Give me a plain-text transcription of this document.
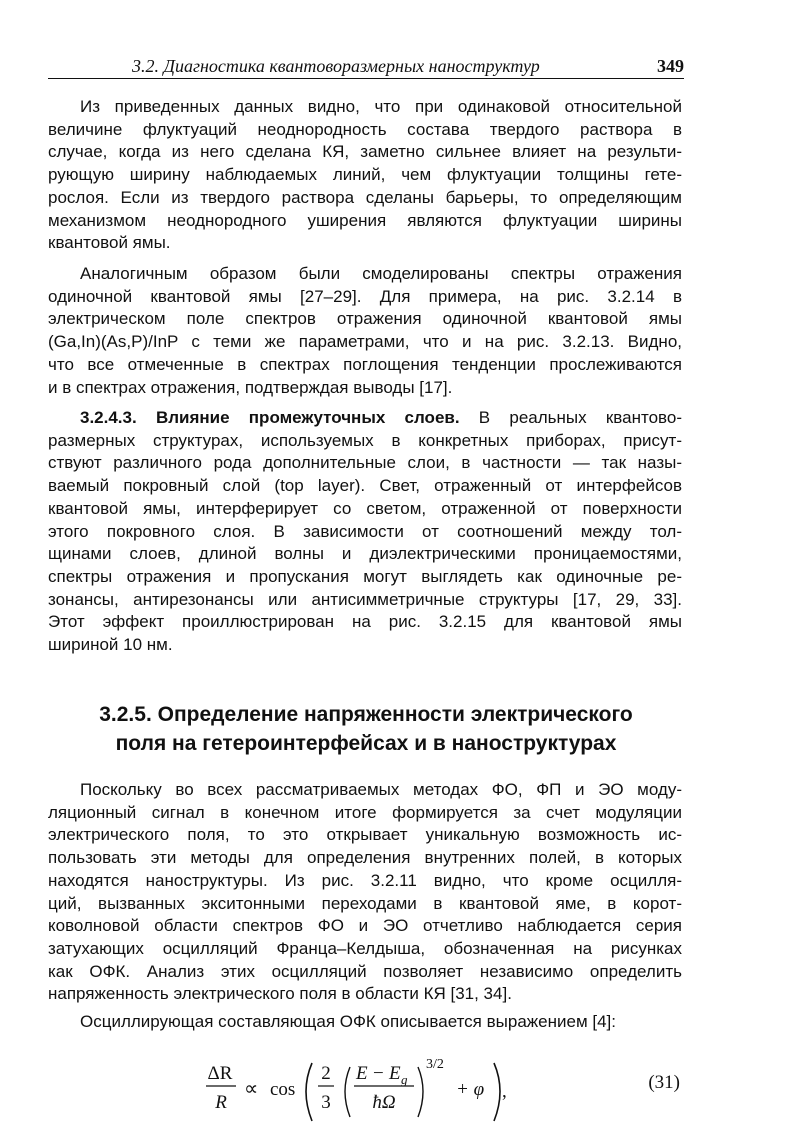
3.2. Диагностика квантоворазмерных наноструктур	349
Из приведенных данных видно, что при одинаковой относительной
величине флуктуаций неоднородность состава твердого раствора в
случае, когда из него сделана КЯ, заметно сильнее влияет на результи-
рующую ширину наблюдаемых линий, чем флуктуации толщины гете-
рослоя. Если из твердого раствора сделаны барьеры, то определяющим
механизмом неоднородного уширения являются флуктуации ширины
квантовой ямы.
Аналогичным образом были смоделированы спектры отражения
одиночной квантовой ямы [27–29]. Для примера, на рис. 3.2.14 в
электрическом поле спектров отражения одиночной квантовой ямы
(Ga,In)(As,P)/InP с теми же параметрами, что и на рис. 3.2.13. Видно,
что все отмеченные в спектрах поглощения тенденции прослеживаются
и в спектрах отражения, подтверждая выводы [17].
3.2.4.3. Влияние промежуточных слоев. В реальных квантово-
размерных структурах, используемых в конкретных приборах, присут-
ствуют различного рода дополнительные слои, в частности — так назы-
ваемый покровный слой (top layer). Свет, отраженный от интерфейсов
квантовой ямы, интерферирует со светом, отраженной от поверхности
этого покровного слоя. В зависимости от соотношений между тол-
щинами слоев, длиной волны и диэлектрическими проницаемостями,
спектры отражения и пропускания могут выглядеть как одиночные ре-
зонансы, антирезонансы или антисимметричные структуры [17, 29, 33].
Этот эффект проиллюстрирован на рис. 3.2.15 для квантовой ямы
шириной 10 нм.
3.2.5. Определение напряженности электрического
поля на гетероинтерфейсах и в наноструктурах
Поскольку во всех рассматриваемых методах ФО, ФП и ЭО моду-
ляционный сигнал в конечном итоге формируется за счет модуляции
электрического поля, то это открывает уникальную возможность ис-
пользовать эти методы для определения внутренних полей, в которых
находятся наноструктуры. Из рис. 3.2.11 видно, что кроме осцилля-
ций, вызванных экситонными переходами в квантовой яме, в корот-
коволновой области спектров ФО и ЭО отчетливо наблюдается серия
затухающих осцилляций Франца–Келдыша, обозначенная на рисунках
как ОФК. Анализ этих осцилляций позволяет независимо определить
напряженность электрического поля в области КЯ [31, 34].
Осциллирующая составляющая ОФК описывается выражением [4]:
ΔR
R
∝ cos
2
3
E − E g
ħΩ
3/2
+ φ ,	(31)
